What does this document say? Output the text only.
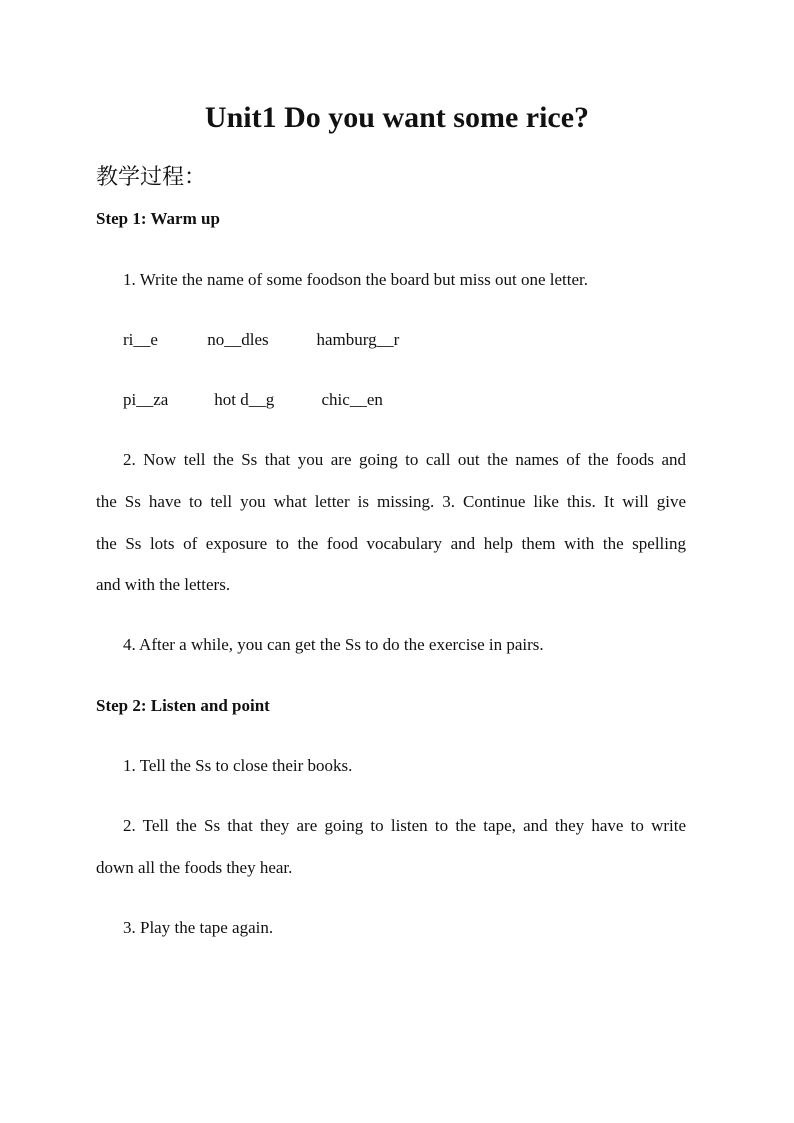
Unit1 Do you want some rice?
教学过程：
Step 1: Warm up
1. Write the name of some foodson the board but miss out one letter.
ri__e	no__dles	hamburg__r
pi__za	hot d__g	chic__en
2. Now tell the Ss that you are going to call out the names of the foods and
the Ss have to tell you what letter is missing. 3. Continue like this. It will give
the Ss lots of exposure to the food vocabulary and help them with the spelling
and with the letters.
4. After a while, you can get the Ss to do the exercise in pairs.
Step 2: Listen and point
1. Tell the Ss to close their books.
2. Tell the Ss that they are going to listen to the tape, and they have to write
down all the foods they hear.
3. Play the tape again.
